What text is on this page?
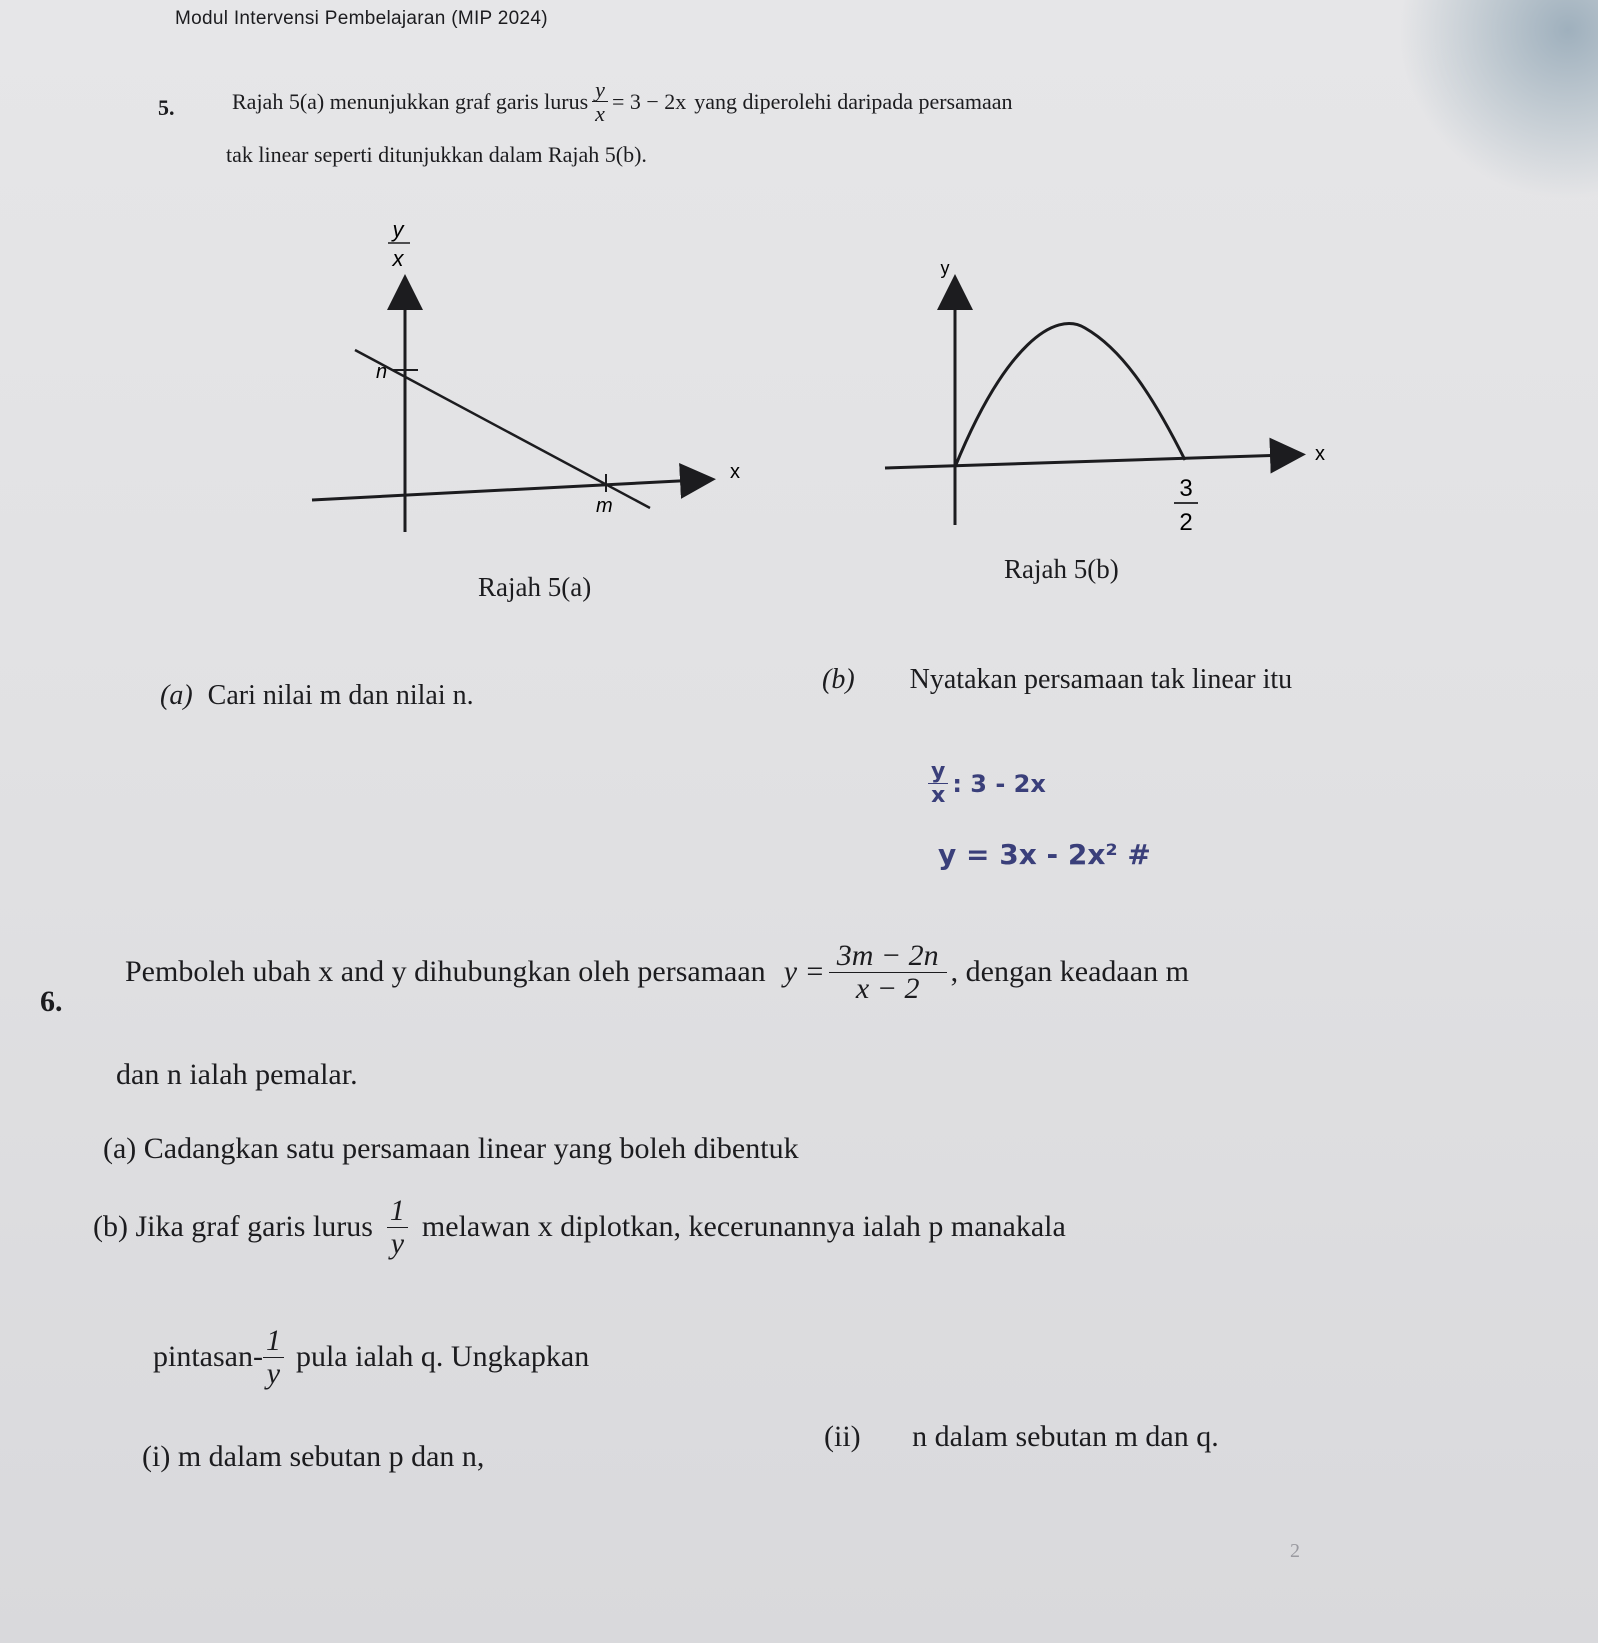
Modul Intervensi Pembelajaran (MIP 2024)
5.	Rajah 5(a) menunjukkan graf garis lurus $\frac{y}{x} = 3 - 2x$ yang diperolehi daripada persamaan
tak linear seperti ditunjukkan dalam Rajah 5(b).
y
x
n
m
x
Rajah 5(a)
y
x
3
2
Rajah 5(b)
(a) Cari nilai m dan nilai n.
(b) Nyatakan persamaan tak linear itu
$\frac{y}{x}$ : 3 - 2x
y = 3x - 2x² #
6.
Pemboleh ubah x and y dihubungkan oleh persamaan $y = \frac{3m - 2n}{x - 2}$ , dengan keadaan m
dan n ialah pemalar.
(a) Cadangkan satu persamaan linear yang boleh dibentuk
(b) Jika graf garis lurus $\frac{1}{y}$ melawan x diplotkan, kecerunannya ialah p manakala
pintasan- $\frac{1}{y}$ pula ialah q. Ungkapkan
(i) m dalam sebutan p dan n,
(ii) n dalam sebutan m dan q.
2
